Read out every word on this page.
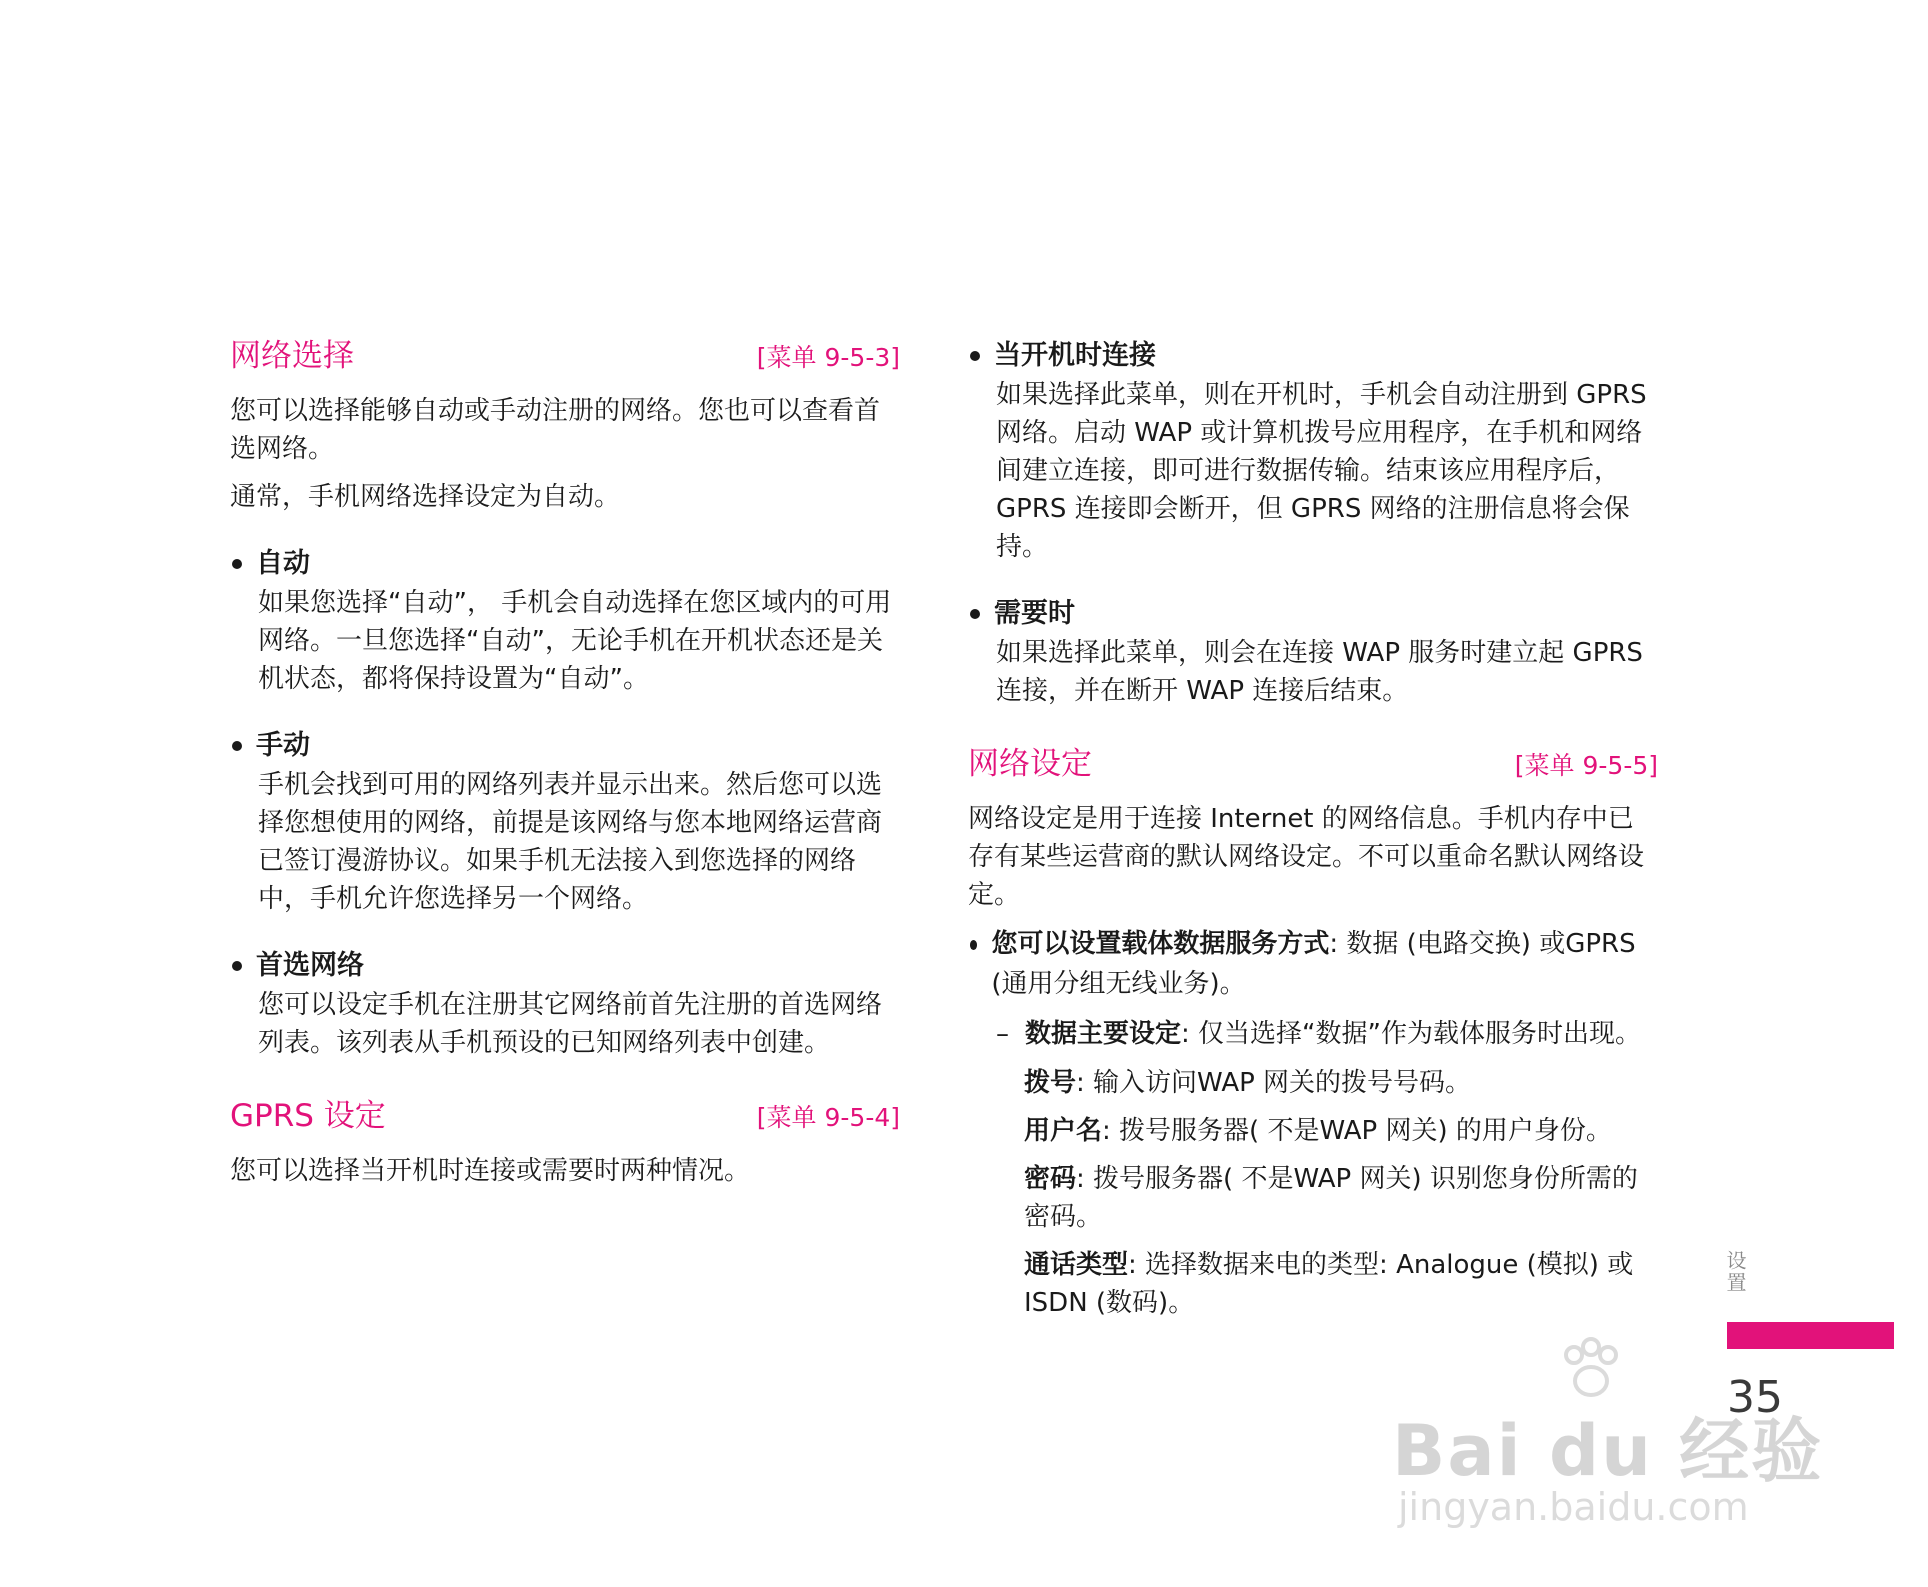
网络选择	[菜单 9-5-3]

您可以选择能够自动或手动注册的网络。您也可以查看首选网络。

通常，手机网络选择设定为自动。

自动
如果您选择“自动”， 手机会自动选择在您区域内的可用网络。一旦您选择“自动”，无论手机在开机状态还是关机状态，都将保持设置为“自动”。
手动
手机会找到可用的网络列表并显示出来。然后您可以选择您想使用的网络，前提是该网络与您本地网络运营商已签订漫游协议。如果手机无法接入到您选择的网络中，手机允许您选择另一个网络。
首选网络
您可以设定手机在注册其它网络前首先注册的首选网络列表。该列表从手机预设的已知网络列表中创建。
GPRS 设定	[菜单 9-5-4]

您可以选择当开机时连接或需要时两种情况。

当开机时连接
如果选择此菜单，则在开机时，手机会自动注册到 GPRS 网络。启动 WAP 或计算机拨号应用程序，在手机和网络间建立连接，即可进行数据传输。结束该应用程序后，GPRS 连接即会断开，但 GPRS 网络的注册信息将会保持。
需要时
如果选择此菜单，则会在连接 WAP 服务时建立起 GPRS 连接，并在断开 WAP 连接后结束。
网络设定	[菜单 9-5-5]

网络设定是用于连接 Internet 的网络信息。手机内存中已存有某些运营商的默认网络设定。不可以重命名默认网络设定。

您可以设置载体数据服务方式: 数据 (电路交换) 或GPRS (通用分组无线业务)。
– 数据主要设定: 仅当选择“数据”作为载体服务时出现。
拨号: 输入访问WAP 网关的拨号号码。
用户名: 拨号服务器( 不是WAP 网关) 的用户身份。
密码: 拨号服务器( 不是WAP 网关) 识别您身份所需的密码。
通话类型: 选择数据来电的类型: Analogue (模拟) 或 ISDN (数码)。
设置
35
Bai du 经验
jingyan.baidu.com
